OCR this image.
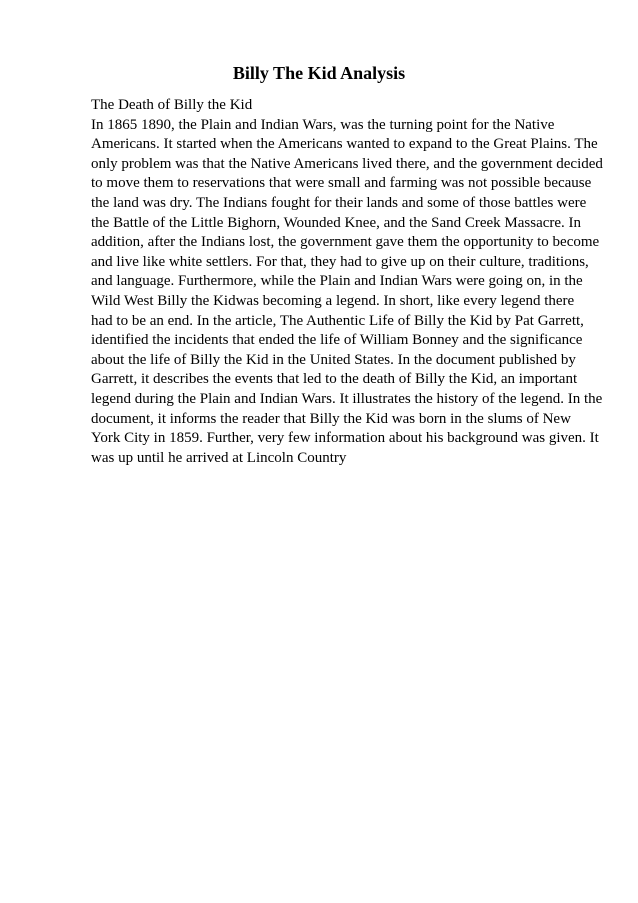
Billy The Kid Analysis
The Death of Billy the Kid
In 1865 1890, the Plain and Indian Wars, was the turning point for the Native
Americans. It started when the Americans wanted to expand to the Great Plains. The
only problem was that the Native Americans lived there, and the government decided
to move them to reservations that were small and farming was not possible because
the land was dry. The Indians fought for their lands and some of those battles were
the Battle of the Little Bighorn, Wounded Knee, and the Sand Creek Massacre. In
addition, after the Indians lost, the government gave them the opportunity to become
and live like white settlers. For that, they had to give up on their culture, traditions,
and language. Furthermore, while the Plain and Indian Wars were going on, in the
Wild West Billy the Kidwas becoming a legend. In short, like every legend there
had to be an end. In the article, The Authentic Life of Billy the Kid by Pat Garrett,
identified the incidents that ended the life of William Bonney and the significance
about the life of Billy the Kid in the United States. In the document published by
Garrett, it describes the events that led to the death of Billy the Kid, an important
legend during the Plain and Indian Wars. It illustrates the history of the legend. In the
document, it informs the reader that Billy the Kid was born in the slums of New
York City in 1859. Further, very few information about his background was given. It
was up until he arrived at Lincoln Country
